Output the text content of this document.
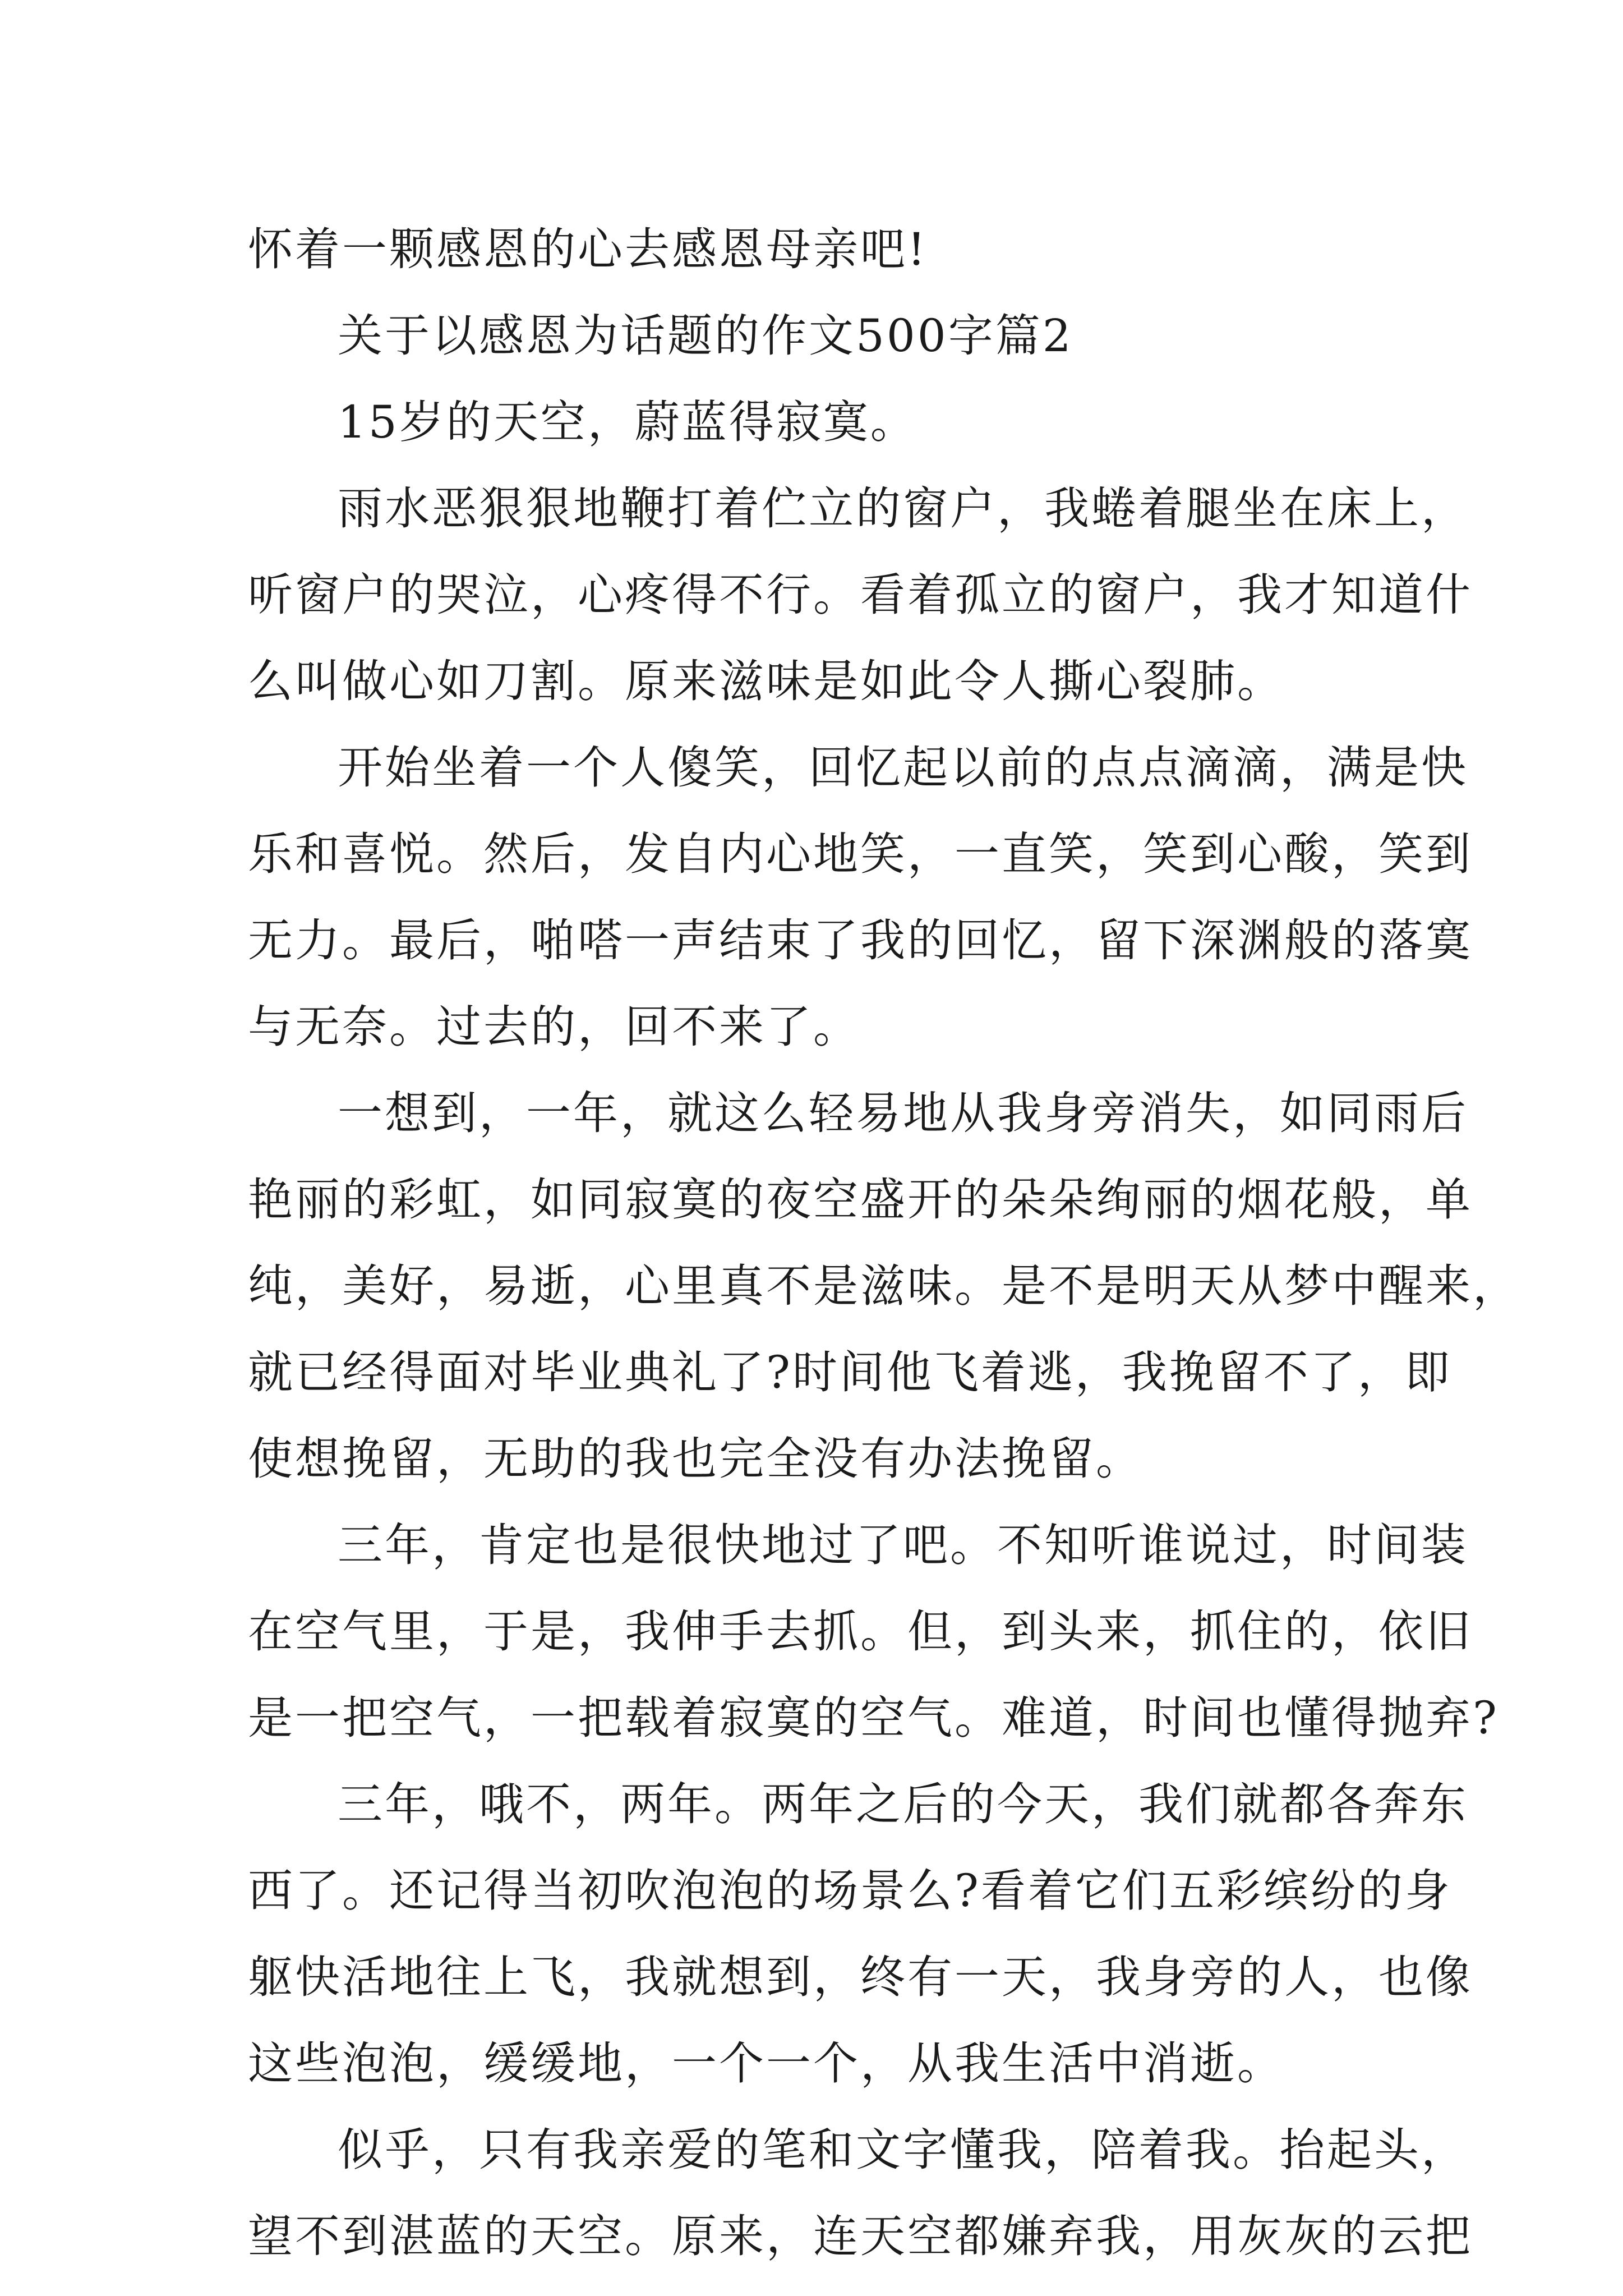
怀着一颗感恩的心去感恩母亲吧!
关于以感恩为话题的作文500字篇2
15岁的天空，蔚蓝得寂寞。
雨水恶狠狠地鞭打着伫立的窗户，我蜷着腿坐在床上，
听窗户的哭泣，心疼得不行。看着孤立的窗户，我才知道什
么叫做心如刀割。原来滋味是如此令人撕心裂肺。
开始坐着一个人傻笑，回忆起以前的点点滴滴，满是快
乐和喜悦。然后，发自内心地笑，一直笑，笑到心酸，笑到
无力。最后，啪嗒一声结束了我的回忆，留下深渊般的落寞
与无奈。过去的，回不来了。
一想到，一年，就这么轻易地从我身旁消失，如同雨后
艳丽的彩虹，如同寂寞的夜空盛开的朵朵绚丽的烟花般，单
纯，美好，易逝，心里真不是滋味。是不是明天从梦中醒来，
就已经得面对毕业典礼了?时间他飞着逃，我挽留不了，即
使想挽留，无助的我也完全没有办法挽留。
三年，肯定也是很快地过了吧。不知听谁说过，时间装
在空气里，于是，我伸手去抓。但，到头来，抓住的，依旧
是一把空气，一把载着寂寞的空气。难道，时间也懂得抛弃?
三年，哦不，两年。两年之后的今天，我们就都各奔东
西了。还记得当初吹泡泡的场景么?看着它们五彩缤纷的身
躯快活地往上飞，我就想到，终有一天，我身旁的人，也像
这些泡泡，缓缓地，一个一个，从我生活中消逝。
似乎，只有我亲爱的笔和文字懂我，陪着我。抬起头，
望不到湛蓝的天空。原来，连天空都嫌弃我，用灰灰的云把
